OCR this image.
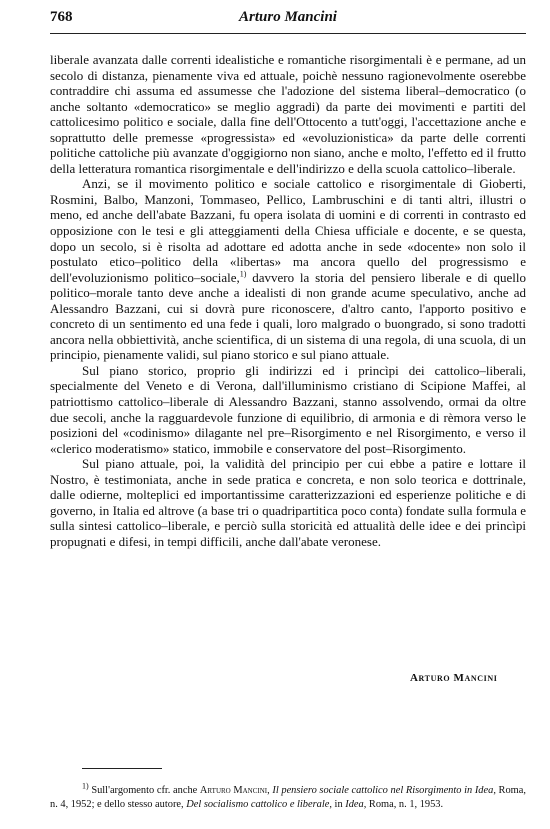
768	Arturo Mancini

liberale avanzata dalle correnti idealistiche e romantiche risorgimentali è e permane, ad un secolo di distanza, pienamente viva ed attuale, poichè nessuno ragionevolmente oserebbe contraddire chi assuma ed assumesse che l'adozione del sistema liberal–democratico (o anche soltanto «democratico» se meglio aggradi) da parte dei movimenti e partiti del cattolicesimo politico e sociale, dalla fine dell'Ottocento a tutt'oggi, l'accettazione anche e soprattutto delle premesse «progressista» ed «evoluzionistica» da parte delle correnti politiche cattoliche più avanzate d'oggigiorno non siano, anche e molto, l'effetto ed il frutto della letteratura romantica risorgimentale e dell'indirizzo e della scuola cattolico–liberale.

Anzi, se il movimento politico e sociale cattolico e risorgimentale di Gioberti, Rosmini, Balbo, Manzoni, Tommaseo, Pellico, Lambruschini e di tanti altri, illustri o meno, ed anche dell'abate Bazzani, fu opera isolata di uomini e di correnti in contrasto ed opposizione con le tesi e gli atteggiamenti della Chiesa ufficiale e docente, e se questa, dopo un secolo, si è risolta ad adottare ed adotta anche in sede «docente» non solo il postulato etico–politico della «libertas» ma ancora quello del progressismo e dell'evoluzionismo politico–sociale,$^{1)}$ davvero la storia del pensiero liberale e di quello politico–morale tanto deve anche a idealisti di non grande acume speculativo, anche ad Alessandro Bazzani, cui si dovrà pure riconoscere, d'altro canto, l'apporto positivo e concreto di un sentimento ed una fede i quali, loro malgrado o buongrado, si sono tradotti ancora nella obbiettività, anche scientifica, di un sistema di una regola, di una scuola, di un principio, pienamente validi, sul piano storico e sul piano attuale.

Sul piano storico, proprio gli indirizzi ed i princìpi dei cattolico–liberali, specialmente del Veneto e di Verona, dall'illuminismo cristiano di Scipione Maffei, al patriottismo cattolico–liberale di Alessandro Bazzani, stanno assolvendo, ormai da oltre due secoli, anche la ragguardevole funzione di equilibrio, di armonia e di rèmora verso le posizioni del «codinismo» dilagante nel pre–Risorgimento e nel Risorgimento, e verso il «clerico moderatismo» statico, immobile e conservatore del post–Risorgimento.

Sul piano attuale, poi, la validità del principio per cui ebbe a patire e lottare il Nostro, è testimoniata, anche in sede pratica e concreta, e non solo teorica e dottrinale, dalle odierne, molteplici ed importantissime caratterizzazioni ed esperienze politiche e di governo, in Italia ed altrove (a base tri o quadripartitica poco conta) fondate sulla formula e sulla sintesi cattolico–liberale, e perciò sulla storicità ed attualità delle idee e dei princìpi propugnati e difesi, in tempi difficili, anche dall'abate veronese.

Arturo Mancini
$^{1)}$ Sull'argomento cfr. anche Arturo Mancini, Il pensiero sociale cattolico nel Risorgimento in Idea, Roma, n. 4, 1952; e dello stesso autore, Del socialismo cattolico e liberale, in Idea, Roma, n. 1, 1953.
